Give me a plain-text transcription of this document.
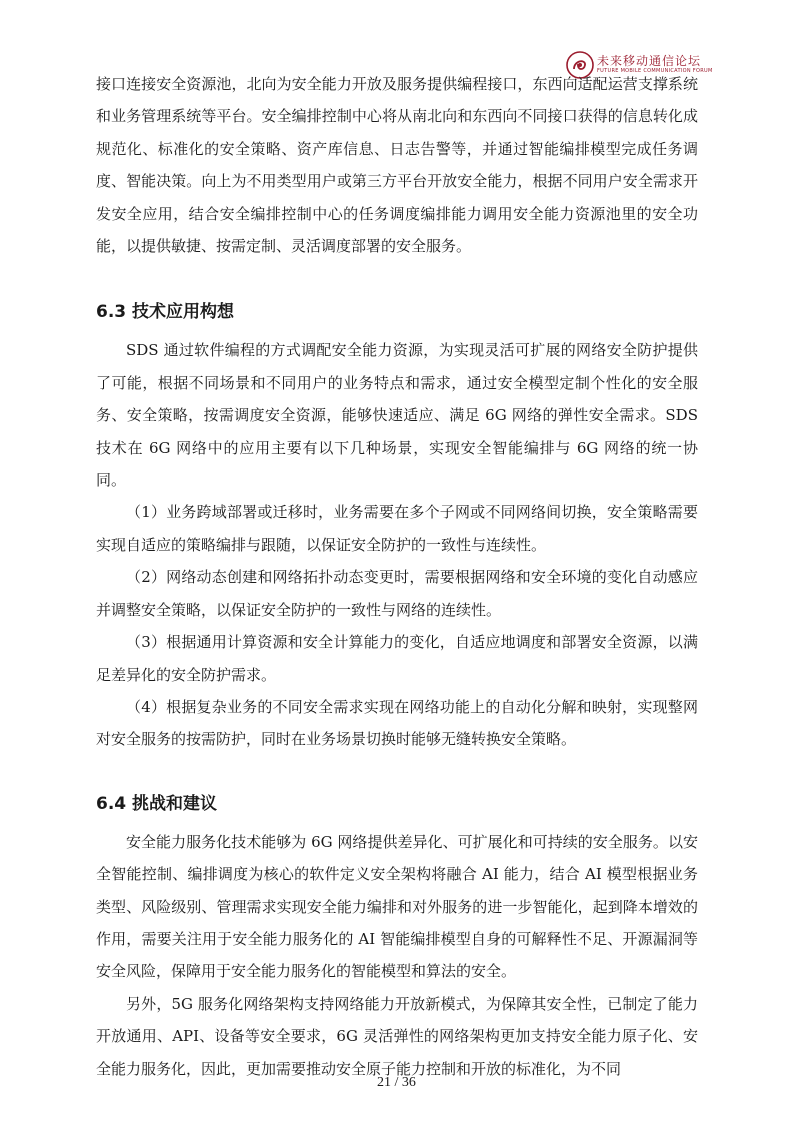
未来移动通信论坛
FUTURE MOBILE COMMUNICATION FORUM

接口连接安全资源池，北向为安全能力开放及服务提供编程接口，东西向适配运营支撑系统和业务管理系统等平台。安全编排控制中心将从南北向和东西向不同接口获得的信息转化成规范化、标准化的安全策略、资产库信息、日志告警等，并通过智能编排模型完成任务调度、智能决策。向上为不用类型用户或第三方平台开放安全能力，根据不同用户安全需求开发安全应用，结合安全编排控制中心的任务调度编排能力调用安全能力资源池里的安全功能，以提供敏捷、按需定制、灵活调度部署的安全服务。

6.3 技术应用构想

SDS 通过软件编程的方式调配安全能力资源，为实现灵活可扩展的网络安全防护提供了可能，根据不同场景和不同用户的业务特点和需求，通过安全模型定制个性化的安全服务、安全策略，按需调度安全资源，能够快速适应、满足 6G 网络的弹性安全需求。SDS 技术在 6G 网络中的应用主要有以下几种场景，实现安全智能编排与 6G 网络的统一协同。

（1）业务跨域部署或迁移时，业务需要在多个子网或不同网络间切换，安全策略需要实现自适应的策略编排与跟随，以保证安全防护的一致性与连续性。

（2）网络动态创建和网络拓扑动态变更时，需要根据网络和安全环境的变化自动感应并调整安全策略，以保证安全防护的一致性与网络的连续性。

（3）根据通用计算资源和安全计算能力的变化，自适应地调度和部署安全资源，以满足差异化的安全防护需求。

（4）根据复杂业务的不同安全需求实现在网络功能上的自动化分解和映射，实现整网对安全服务的按需防护，同时在业务场景切换时能够无缝转换安全策略。

6.4 挑战和建议

安全能力服务化技术能够为 6G 网络提供差异化、可扩展化和可持续的安全服务。以安全智能控制、编排调度为核心的软件定义安全架构将融合 AI 能力，结合 AI 模型根据业务类型、风险级别、管理需求实现安全能力编排和对外服务的进一步智能化，起到降本增效的作用，需要关注用于安全能力服务化的 AI 智能编排模型自身的可解释性不足、开源漏洞等安全风险，保障用于安全能力服务化的智能模型和算法的安全。

另外，5G 服务化网络架构支持网络能力开放新模式，为保障其安全性，已制定了能力开放通用、API、设备等安全要求，6G 灵活弹性的网络架构更加支持安全能力原子化、安全能力服务化，因此，更加需要推动安全原子能力控制和开放的标准化，为不同

21 / 36
